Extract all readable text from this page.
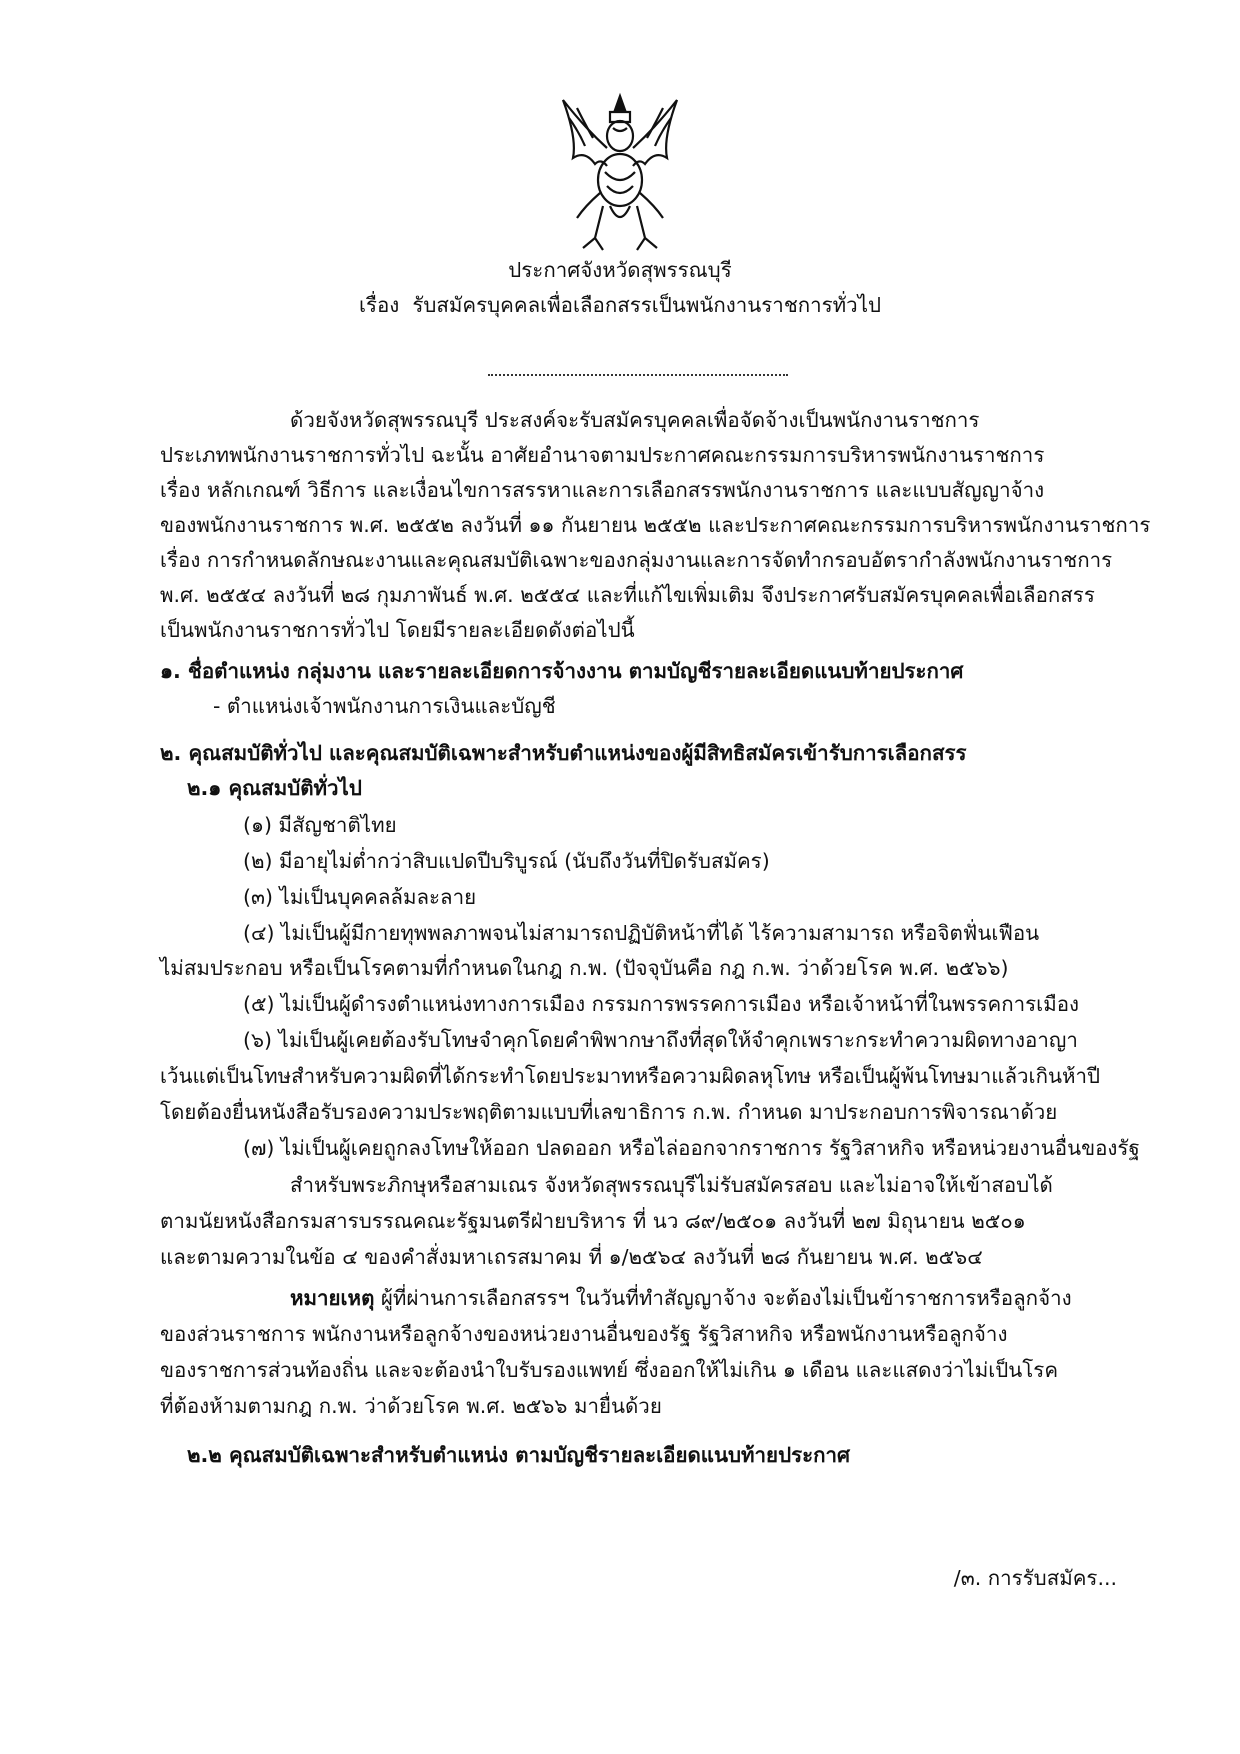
ประกาศจังหวัดสุพรรณบุรี
เรื่อง รับสมัครบุคคลเพื่อเลือกสรรเป็นพนักงานราชการทั่วไป
ด้วยจังหวัดสุพรรณบุรี ประสงค์จะรับสมัครบุคคลเพื่อจัดจ้างเป็นพนักงานราชการ
ประเภทพนักงานราชการทั่วไป ฉะนั้น อาศัยอำนาจตามประกาศคณะกรรมการบริหารพนักงานราชการ
เรื่อง หลักเกณฑ์ วิธีการ และเงื่อนไขการสรรหาและการเลือกสรรพนักงานราชการ และแบบสัญญาจ้าง
ของพนักงานราชการ พ.ศ. ๒๕๕๒ ลงวันที่ ๑๑ กันยายน ๒๕๕๒ และประกาศคณะกรรมการบริหารพนักงานราชการ
เรื่อง การกำหนดลักษณะงานและคุณสมบัติเฉพาะของกลุ่มงานและการจัดทำกรอบอัตรากำลังพนักงานราชการ
พ.ศ. ๒๕๕๔ ลงวันที่ ๒๘ กุมภาพันธ์ พ.ศ. ๒๕๕๔ และที่แก้ไขเพิ่มเติม จึงประกาศรับสมัครบุคคลเพื่อเลือกสรร
เป็นพนักงานราชการทั่วไป โดยมีรายละเอียดดังต่อไปนี้
๑. ชื่อตำแหน่ง กลุ่มงาน และรายละเอียดการจ้างงาน ตามบัญชีรายละเอียดแนบท้ายประกาศ
- ตำแหน่งเจ้าพนักงานการเงินและบัญชี
๒. คุณสมบัติทั่วไป และคุณสมบัติเฉพาะสำหรับตำแหน่งของผู้มีสิทธิสมัครเข้ารับการเลือกสรร
๒.๑ คุณสมบัติทั่วไป
(๑) มีสัญชาติไทย
(๒) มีอายุไม่ต่ำกว่าสิบแปดปีบริบูรณ์ (นับถึงวันที่ปิดรับสมัคร)
(๓) ไม่เป็นบุคคลล้มละลาย
(๔) ไม่เป็นผู้มีกายทุพพลภาพจนไม่สามารถปฏิบัติหน้าที่ได้ ไร้ความสามารถ หรือจิตฟั่นเฟือน
ไม่สมประกอบ หรือเป็นโรคตามที่กำหนดในกฎ ก.พ. (ปัจจุบันคือ กฎ ก.พ. ว่าด้วยโรค พ.ศ. ๒๕๖๖)
(๕) ไม่เป็นผู้ดำรงตำแหน่งทางการเมือง กรรมการพรรคการเมือง หรือเจ้าหน้าที่ในพรรคการเมือง
(๖) ไม่เป็นผู้เคยต้องรับโทษจำคุกโดยคำพิพากษาถึงที่สุดให้จำคุกเพราะกระทำความผิดทางอาญา
เว้นแต่เป็นโทษสำหรับความผิดที่ได้กระทำโดยประมาทหรือความผิดลหุโทษ หรือเป็นผู้พ้นโทษมาแล้วเกินห้าปี
โดยต้องยื่นหนังสือรับรองความประพฤติตามแบบที่เลขาธิการ ก.พ. กำหนด มาประกอบการพิจารณาด้วย
(๗) ไม่เป็นผู้เคยถูกลงโทษให้ออก ปลดออก หรือไล่ออกจากราชการ รัฐวิสาหกิจ หรือหน่วยงานอื่นของรัฐ
สำหรับพระภิกษุหรือสามเณร จังหวัดสุพรรณบุรีไม่รับสมัครสอบ และไม่อาจให้เข้าสอบได้
ตามนัยหนังสือกรมสารบรรณคณะรัฐมนตรีฝ่ายบริหาร ที่ นว ๘๙/๒๕๐๑ ลงวันที่ ๒๗ มิถุนายน ๒๕๐๑
และตามความในข้อ ๔ ของคำสั่งมหาเถรสมาคม ที่ ๑/๒๕๖๔ ลงวันที่ ๒๘ กันยายน พ.ศ. ๒๕๖๔
หมายเหตุ ผู้ที่ผ่านการเลือกสรรฯ ในวันที่ทำสัญญาจ้าง จะต้องไม่เป็นข้าราชการหรือลูกจ้าง
ของส่วนราชการ พนักงานหรือลูกจ้างของหน่วยงานอื่นของรัฐ รัฐวิสาหกิจ หรือพนักงานหรือลูกจ้าง
ของราชการส่วนท้องถิ่น และจะต้องนำใบรับรองแพทย์ ซึ่งออกให้ไม่เกิน ๑ เดือน และแสดงว่าไม่เป็นโรค
ที่ต้องห้ามตามกฎ ก.พ. ว่าด้วยโรค พ.ศ. ๒๕๖๖ มายื่นด้วย
๒.๒ คุณสมบัติเฉพาะสำหรับตำแหน่ง ตามบัญชีรายละเอียดแนบท้ายประกาศ
/๓. การรับสมัคร...
